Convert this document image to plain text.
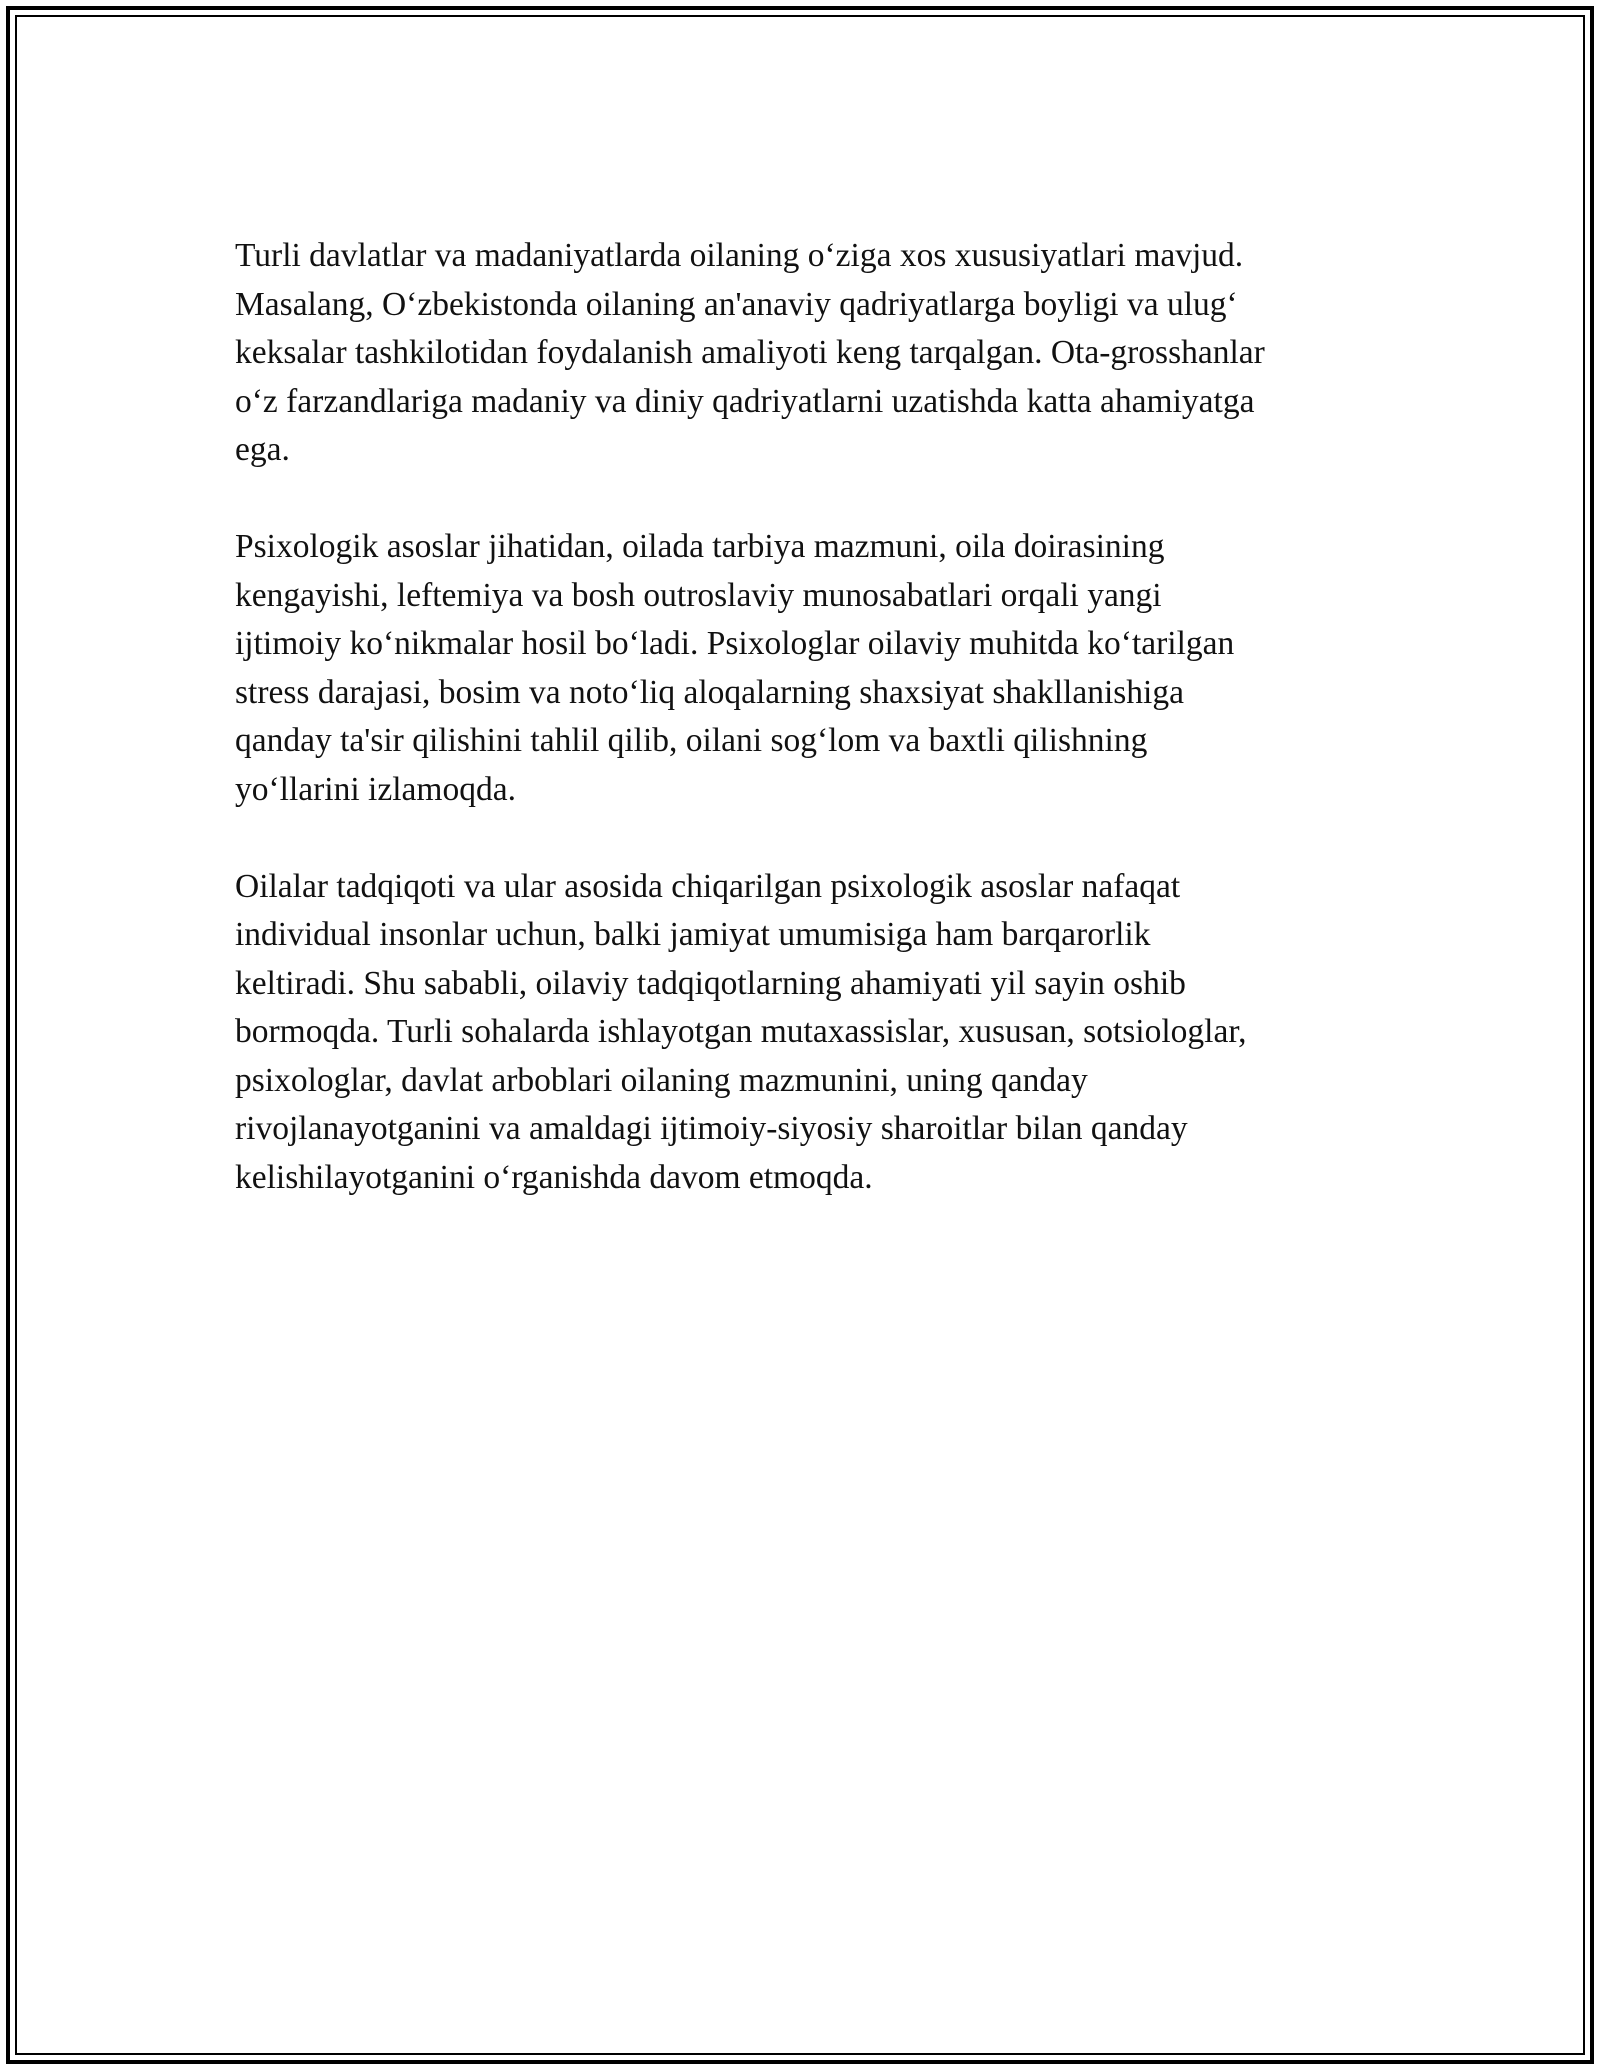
Turli davlatlar va madaniyatlarda oilaning o‘ziga xos xususiyatlari mavjud.
Masalang, O‘zbekistonda oilaning an'anaviy qadriyatlarga boyligi va ulug‘
keksalar tashkilotidan foydalanish amaliyoti keng tarqalgan. Ota-grosshanlar
o‘z farzandlariga madaniy va diniy qadriyatlarni uzatishda katta ahamiyatga
ega.

Psixologik asoslar jihatidan, oilada tarbiya mazmuni, oila doirasining
kengayishi, leftemiya va bosh outroslaviy munosabatlari orqali yangi
ijtimoiy ko‘nikmalar hosil bo‘ladi. Psixologlar oilaviy muhitda ko‘tarilgan
stress darajasi, bosim va noto‘liq aloqalarning shaxsiyat shakllanishiga
qanday ta'sir qilishini tahlil qilib, oilani sog‘lom va baxtli qilishning
yo‘llarini izlamoqda.

Oilalar tadqiqoti va ular asosida chiqarilgan psixologik asoslar nafaqat
individual insonlar uchun, balki jamiyat umumisiga ham barqarorlik
keltiradi. Shu sababli, oilaviy tadqiqotlarning ahamiyati yil sayin oshib
bormoqda. Turli sohalarda ishlayotgan mutaxassislar, xususan, sotsiologlar,
psixologlar, davlat arboblari oilaning mazmunini, uning qanday
rivojlanayotganini va amaldagi ijtimoiy-siyosiy sharoitlar bilan qanday
kelishilayotganini o‘rganishda davom etmoqda.
